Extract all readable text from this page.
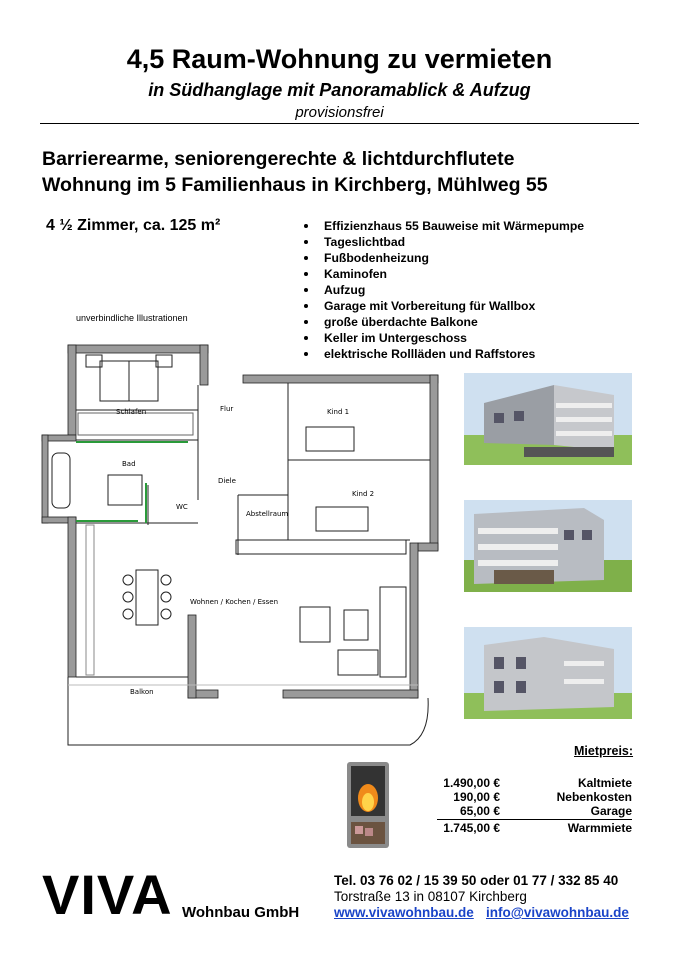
4,5 Raum-Wohnung zu vermieten
in Südhanglage mit Panoramablick & Aufzug
provisionsfrei
Barrierearme, seniorengerechte & lichtdurchflutete
Wohnung im 5 Familienhaus in Kirchberg, Mühlweg 55
4 ½ Zimmer, ca. 125 m²	Effizienzhaus 55 Bauweise mit Wärmepumpe
Tageslichtbad
Fußbodenheizung
Kaminofen
Aufzug
Garage mit Vorbereitung für Wallbox
große überdachte Balkone
Keller im Untergeschoss
elektrische Rollläden und Raffstores
unverbindliche Illustrationen
Schlafen	Flur	Kind 1
Bad
Diele
Kind 2
WC
Abstellraum
Wohnen / Kochen / Essen
Balkon
Mietpreis:
1.490,00 €	Kaltmiete
190,00 €	Nebenkosten
65,00 €	Garage
1.745,00 €	Warmmiete
VIVA Wohnbau GmbH
Tel. 03 76 02 / 15 39 50 oder 01 77 / 332 85 40
Torstraße 13 in 08107 Kirchberg
www.vivawohnbau.de info@vivawohnbau.de
